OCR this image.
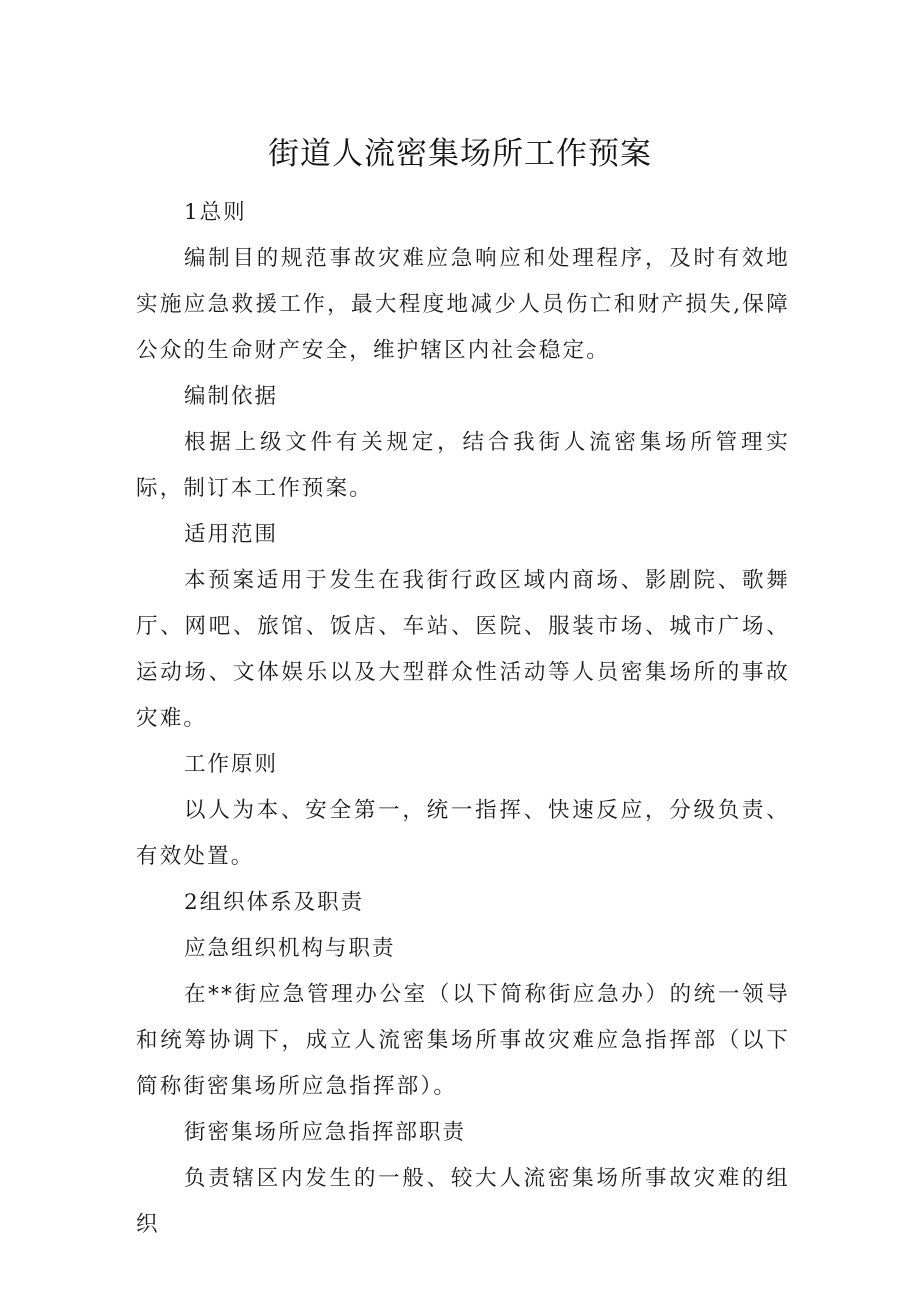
街道人流密集场所工作预案

1总则

编制目的规范事故灾难应急响应和处理程序，及时有效地实施应急救援工作，最大程度地减少人员伤亡和财产损失,保障公众的生命财产安全，维护辖区内社会稳定。

编制依据

根据上级文件有关规定，结合我街人流密集场所管理实际，制订本工作预案。

适用范围

本预案适用于发生在我街行政区域内商场、影剧院、歌舞厅、网吧、旅馆、饭店、车站、医院、服装市场、城市广场、运动场、文体娱乐以及大型群众性活动等人员密集场所的事故灾难。

工作原则

以人为本、安全第一，统一指挥、快速反应，分级负责、有效处置。

2组织体系及职责

应急组织机构与职责

在**街应急管理办公室（以下简称街应急办）的统一领导和统筹协调下，成立人流密集场所事故灾难应急指挥部（以下简称街密集场所应急指挥部）。

街密集场所应急指挥部职责

负责辖区内发生的一般、较大人流密集场所事故灾难的组织
